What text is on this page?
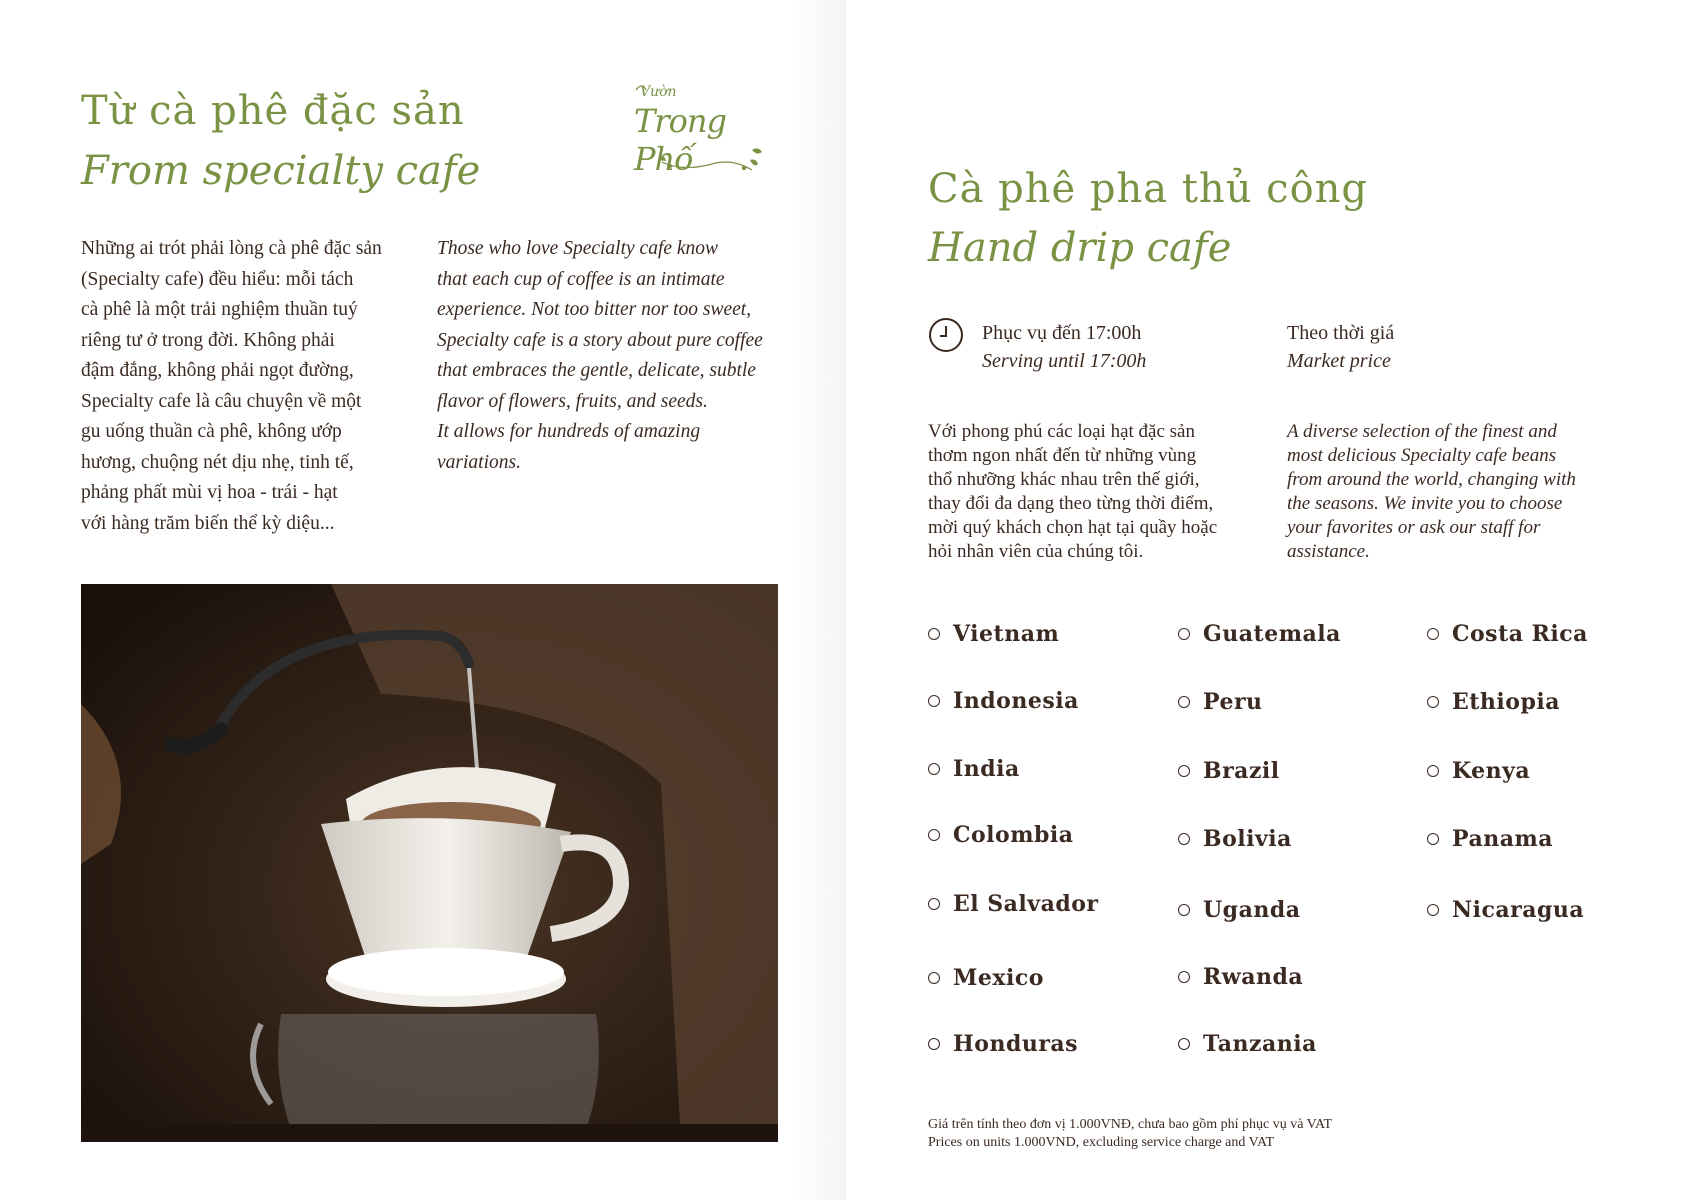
Từ cà phê đặc sản
From specialty cafe
Vườn
Trong Phố
Những ai trót phải lòng cà phê đặc sản
(Specialty cafe) đều hiểu: mỗi tách
cà phê là một trải nghiệm thuần tuý
riêng tư ở trong đời. Không phải
đậm đắng, không phải ngọt đường,
Specialty cafe là câu chuyện về một
gu uống thuần cà phê, không ướp
hương, chuộng nét dịu nhẹ, tinh tế,
phảng phất mùi vị hoa - trái - hạt
với hàng trăm biến thể kỳ diệu...
Those who love Specialty cafe know
that each cup of coffee is an intimate
experience. Not too bitter nor too sweet,
Specialty cafe is a story about pure coffee
that embraces the gentle, delicate, subtle
flavor of flowers, fruits, and seeds.
It allows for hundreds of amazing
variations.
Cà phê pha thủ công
Hand drip cafe
Phục vụ đến 17:00h
Serving until 17:00h
Theo thời giá
Market price
Với phong phú các loại hạt đặc sản
thơm ngon nhất đến từ những vùng
thổ nhưỡng khác nhau trên thế giới,
thay đổi đa dạng theo từng thời điểm,
mời quý khách chọn hạt tại quầy hoặc
hỏi nhân viên của chúng tôi.
A diverse selection of the finest and
most delicious Specialty cafe beans
from around the world, changing with
the seasons. We invite you to choose
your favorites or ask our staff for
assistance.
Vietnam
Indonesia
India
Colombia
El Salvador
Mexico
Honduras
Guatemala
Peru
Brazil
Bolivia
Uganda
Rwanda
Tanzania
Costa Rica
Ethiopia
Kenya
Panama
Nicaragua
Giá trên tính theo đơn vị 1.000VNĐ, chưa bao gồm phí phục vụ và VAT
Prices on units 1.000VND, excluding service charge and VAT
